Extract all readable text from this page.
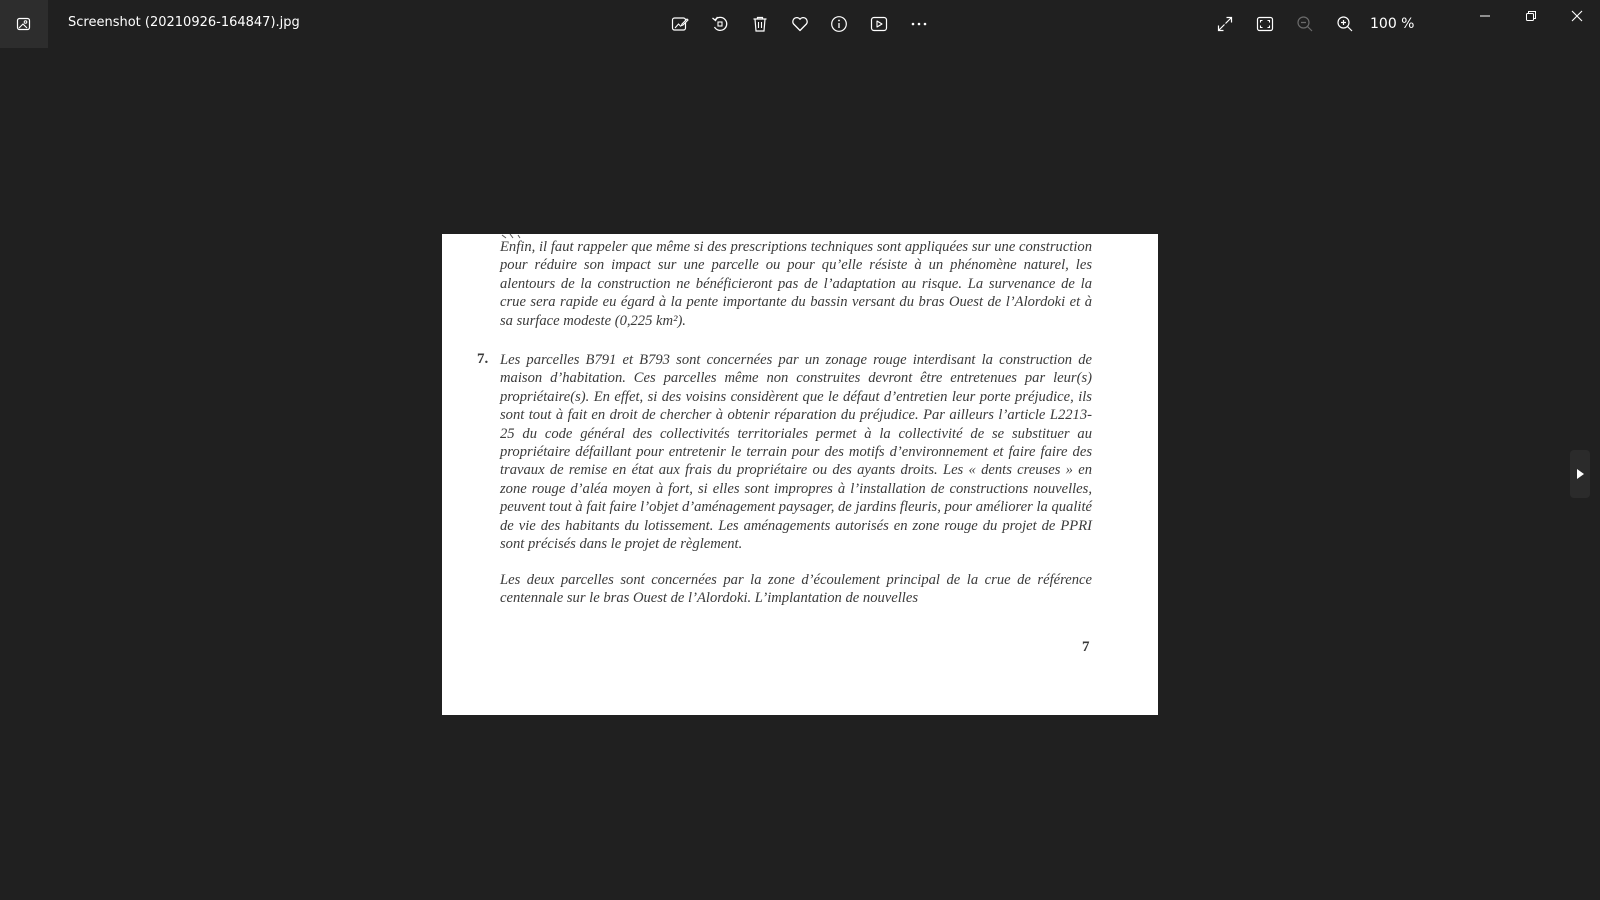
Screenshot (20210926-164847).jpg	100 %

Enfin, il faut rappeler que même si des prescriptions techniques sont appliquées sur une construction pour réduire son impact sur une parcelle ou pour qu’elle résiste à un phénomène naturel, les alentours de la construction ne bénéficieront pas de l’adaptation au risque. La survenance de la crue sera rapide eu égard à la pente importante du bassin versant du bras Ouest de l’Alordoki et à sa surface modeste (0,225 km²).

7. Les parcelles B791 et B793 sont concernées par un zonage rouge interdisant la construction de maison d’habitation. Ces parcelles même non construites devront être entretenues par leur(s) propriétaire(s). En effet, si des voisins considèrent que le défaut d’entretien leur porte préjudice, ils sont tout à fait en droit de chercher à obtenir réparation du préjudice. Par ailleurs l’article L2213-25 du code général des collectivités territoriales permet à la collectivité de se substituer au propriétaire défaillant pour entretenir le terrain pour des motifs d’environnement et faire faire des travaux de remise en état aux frais du propriétaire ou des ayants droits. Les « dents creuses » en zone rouge d’aléa moyen à fort, si elles sont impropres à l’installation de constructions nouvelles, peuvent tout à fait faire l’objet d’aménagement paysager, de jardins fleuris, pour améliorer la qualité de vie des habitants du lotissement. Les aménagements autorisés en zone rouge du projet de PPRI sont précisés dans le projet de règlement.

Les deux parcelles sont concernées par la zone d’écoulement principal de la crue de référence centennale sur le bras Ouest de l’Alordoki. L’implantation de nouvelles

7
